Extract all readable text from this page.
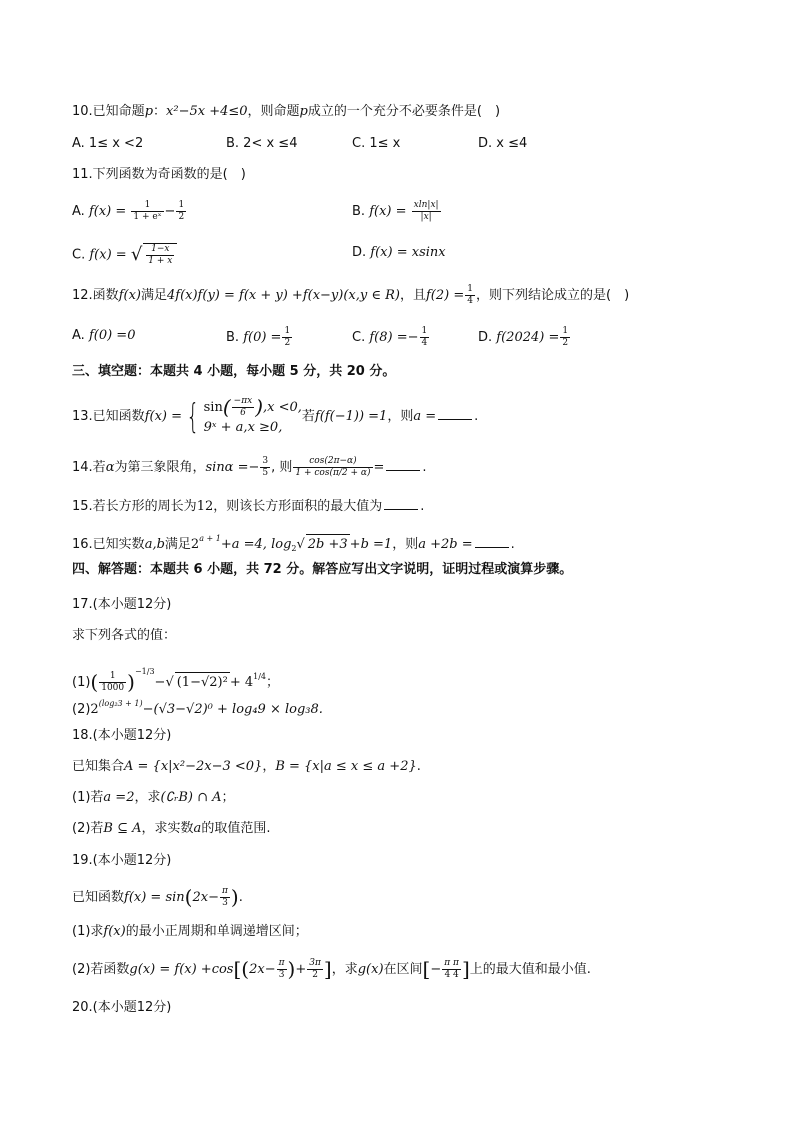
10.已知命题p：x²−5x +4≤0，则命题p成立的一个充分不必要条件是(　)
A. 1≤ x <2	B. 2< x ≤4	C. 1≤ x	D. x ≤4
11.下列函数为奇函数的是(　)
A. $f(x) = \frac{1}{\text{1 + eˣ}} - \frac{1}{2}$	B. $f(x) = \frac{xln|x|}{|x|}$
C. f(x) = √ $\frac{1-x}{1 + x}$	D. f(x) = xsinx
12.函数f(x)满足4f(x)f(y) = f(x + y) +f(x−y)(x,y ∈ R)，且$f(2) = \frac{1}{4}$ ，则下列结论成立的是(　)
A. f(0) =0	B. $f(0) = \frac{1}{2}$	C. $f(8) =- \frac{1}{4}$	D. $f(2024) = \frac{1}{2}$
三、填空题：本题共 4 小题，每小题 5 分，共 20 分。
13.已知函数f(x) = { $\sin( \frac{-\pi x}{6} ),x <0$,
9ˣ + a,x ≥0,
若f(f(−1)) =1，则a =	.
14.若α为第三象限角，$\sin\alpha =- \frac{3}{5}$ , 则 $\frac{\cos(2\pi-\alpha)}{1 + \cos(\pi/2 + \alpha)}$ =	.
15.若长方形的周长为12，则该长方形面积的最大值为	.
16.已知实数a,b满足$2^{a + 1}+a =4$, $\log_2√$ 2b +3 +b =1，则a +2b =	.
四、解答题：本题共 6 小题，共 72 分。解答应写出文字说明，证明过程或演算步骤。
17.(本小题12分)
求下列各式的值：
$(1)( \frac{1}{1000} )^{-1/3}-√$ $(1-√2)^2 + 4^{1/4}$；
$(2)2^{(log_23 + 1)}-(√3-√2)^0 + \log_49 \times \log_38$.
18.(本小题12分)
已知集合A = {x|x²−2x−3 <0}，B = {x|a ≤ x ≤ a +2}.
(1)若a =2，求(∁ᵣB) ∩ A；
(2)若B ⊆ A，求实数a的取值范围.
19.(本小题12分)
已知函数$f(x) = \sin(2x- \frac{\pi}{3}$ ).
(1)求f(x)的最小正周期和单调递增区间；
(2)若函数$g(x) = f(x) +\cos[(2x- \frac{\pi}{3}$ )+ $\frac{3\pi}{2}$ ]，求g(x)在区间[− $\frac{\text{π π}}{4 4}$ ]上的最大值和最小值.
20.(本小题12分)
